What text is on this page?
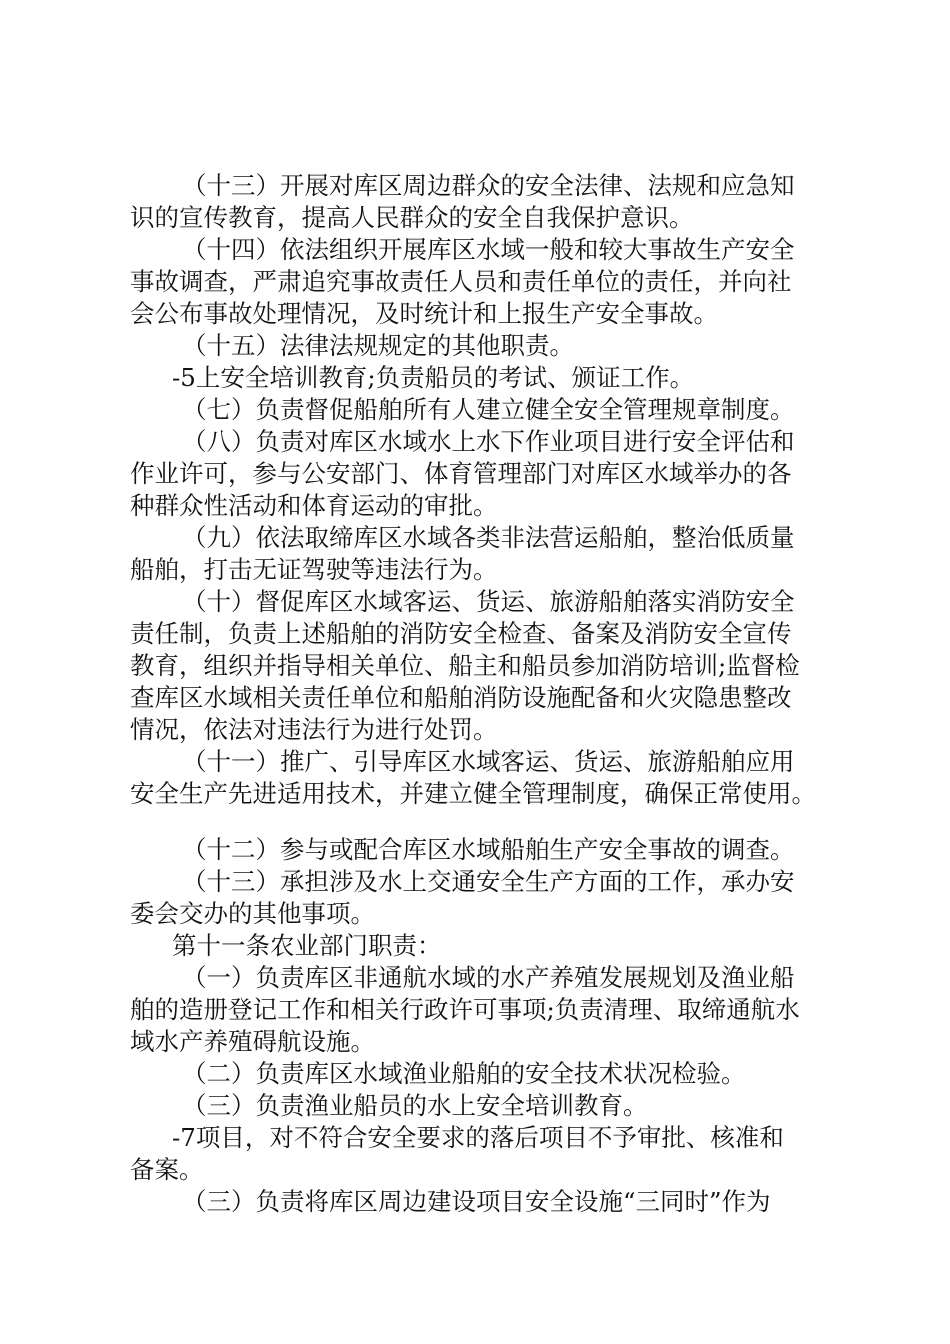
（十三）开展对库区周边群众的安全法律、法规和应急知
识的宣传教育，提高人民群众的安全自我保护意识。
（十四）依法组织开展库区水域一般和较大事故生产安全
事故调查，严肃追究事故责任人员和责任单位的责任，并向社
会公布事故处理情况，及时统计和上报生产安全事故。
（十五）法律法规规定的其他职责。
-5上安全培训教育;负责船员的考试、颁证工作。
（七）负责督促船舶所有人建立健全安全管理规章制度。
（八）负责对库区水域水上水下作业项目进行安全评估和
作业许可，参与公安部门、体育管理部门对库区水域举办的各
种群众性活动和体育运动的审批。
（九）依法取缔库区水域各类非法营运船舶，整治低质量
船舶，打击无证驾驶等违法行为。
（十）督促库区水域客运、货运、旅游船舶落实消防安全
责任制，负责上述船舶的消防安全检查、备案及消防安全宣传
教育，组织并指导相关单位、船主和船员参加消防培训;监督检
查库区水域相关责任单位和船舶消防设施配备和火灾隐患整改
情况，依法对违法行为进行处罚。
（十一）推广、引导库区水域客运、货运、旅游船舶应用
安全生产先进适用技术，并建立健全管理制度，确保正常使用。
（十二）参与或配合库区水域船舶生产安全事故的调查。
（十三）承担涉及水上交通安全生产方面的工作，承办安
委会交办的其他事项。
第十一条农业部门职责：
（一）负责库区非通航水域的水产养殖发展规划及渔业船
舶的造册登记工作和相关行政许可事项;负责清理、取缔通航水
域水产养殖碍航设施。
（二）负责库区水域渔业船舶的安全技术状况检验。
（三）负责渔业船员的水上安全培训教育。
-7项目，对不符合安全要求的落后项目不予审批、核准和
备案。
（三）负责将库区周边建设项目安全设施“三同时”作为
